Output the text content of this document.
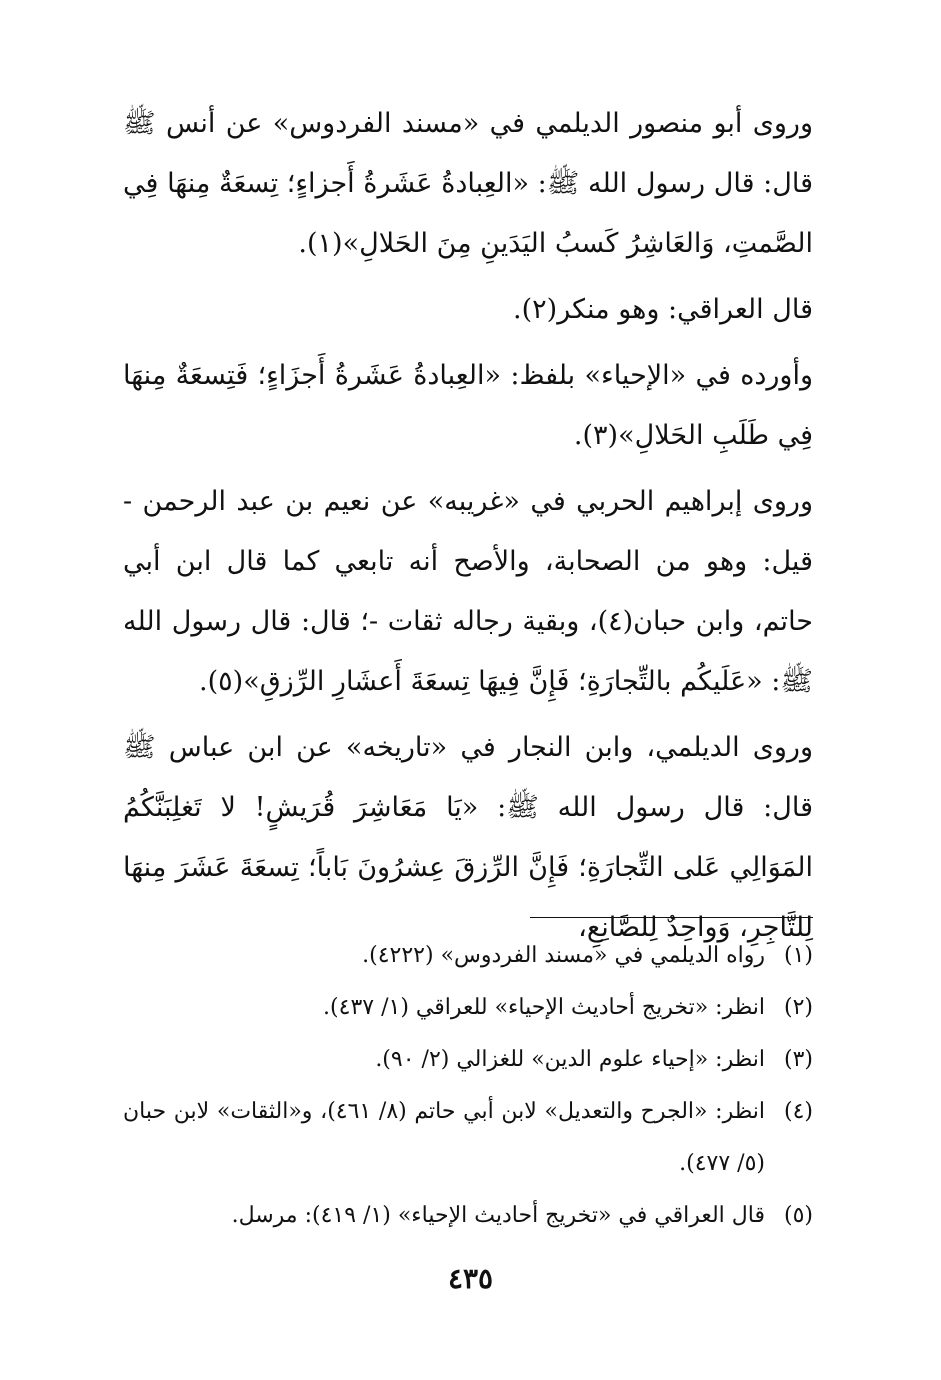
وروى أبو منصور الديلمي في «مسند الفردوس» عن أنس ﷺ قال: قال رسول الله ﷺ: «العِبادةُ عَشَرةُ أَجزاءٍ؛ تِسعَةٌ مِنهَا فِي الصَّمتِ، وَالعَاشِرُ كَسبُ اليَدَينِ مِنَ الحَلالِ»(١).

قال العراقي: وهو منكر(٢).

وأورده في «الإحياء» بلفظ: «العِبادةُ عَشَرةُ أَجزَاءٍ؛ فَتِسعَةٌ مِنهَا فِي طَلَبِ الحَلالِ»(٣).

وروى إبراهيم الحربي في «غريبه» عن نعيم بن عبد الرحمن - قيل: وهو من الصحابة، والأصح أنه تابعي كما قال ابن أبي حاتم، وابن حبان(٤)، وبقية رجاله ثقات -؛ قال: قال رسول الله ﷺ: «عَلَيكُم بالتِّجارَةِ؛ فَإِنَّ فِيهَا تِسعَةَ أَعشَارِ الرِّزقِ»(٥).

وروى الديلمي، وابن النجار في «تاريخه» عن ابن عباس ﷺ قال: قال رسول الله ﷺ: «يَا مَعَاشِرَ قُرَيشٍ! لا تَغلِبَنَّكُمُ المَوَالِي عَلى التِّجارَةِ؛ فَإِنَّ الرِّزقَ عِشرُونَ بَاباً؛ تِسعَةَ عَشَرَ مِنهَا لِلتَّاجِرِ، وَواحِدٌ لِلصَّانِعِ،

(١)
رواه الديلمي في «مسند الفردوس» (٤٢٢٢).
(٢)
انظر: «تخريج أحاديث الإحياء» للعراقي (١/ ٤٣٧).
(٣)
انظر: «إحياء علوم الدين» للغزالي (٢/ ٩٠).
(٤)
انظر: «الجرح والتعديل» لابن أبي حاتم (٨/ ٤٦١)، و«الثقات» لابن حبان (٥/ ٤٧٧).
(٥)
قال العراقي في «تخريج أحاديث الإحياء» (١/ ٤١٩): مرسل.
٤٣٥
